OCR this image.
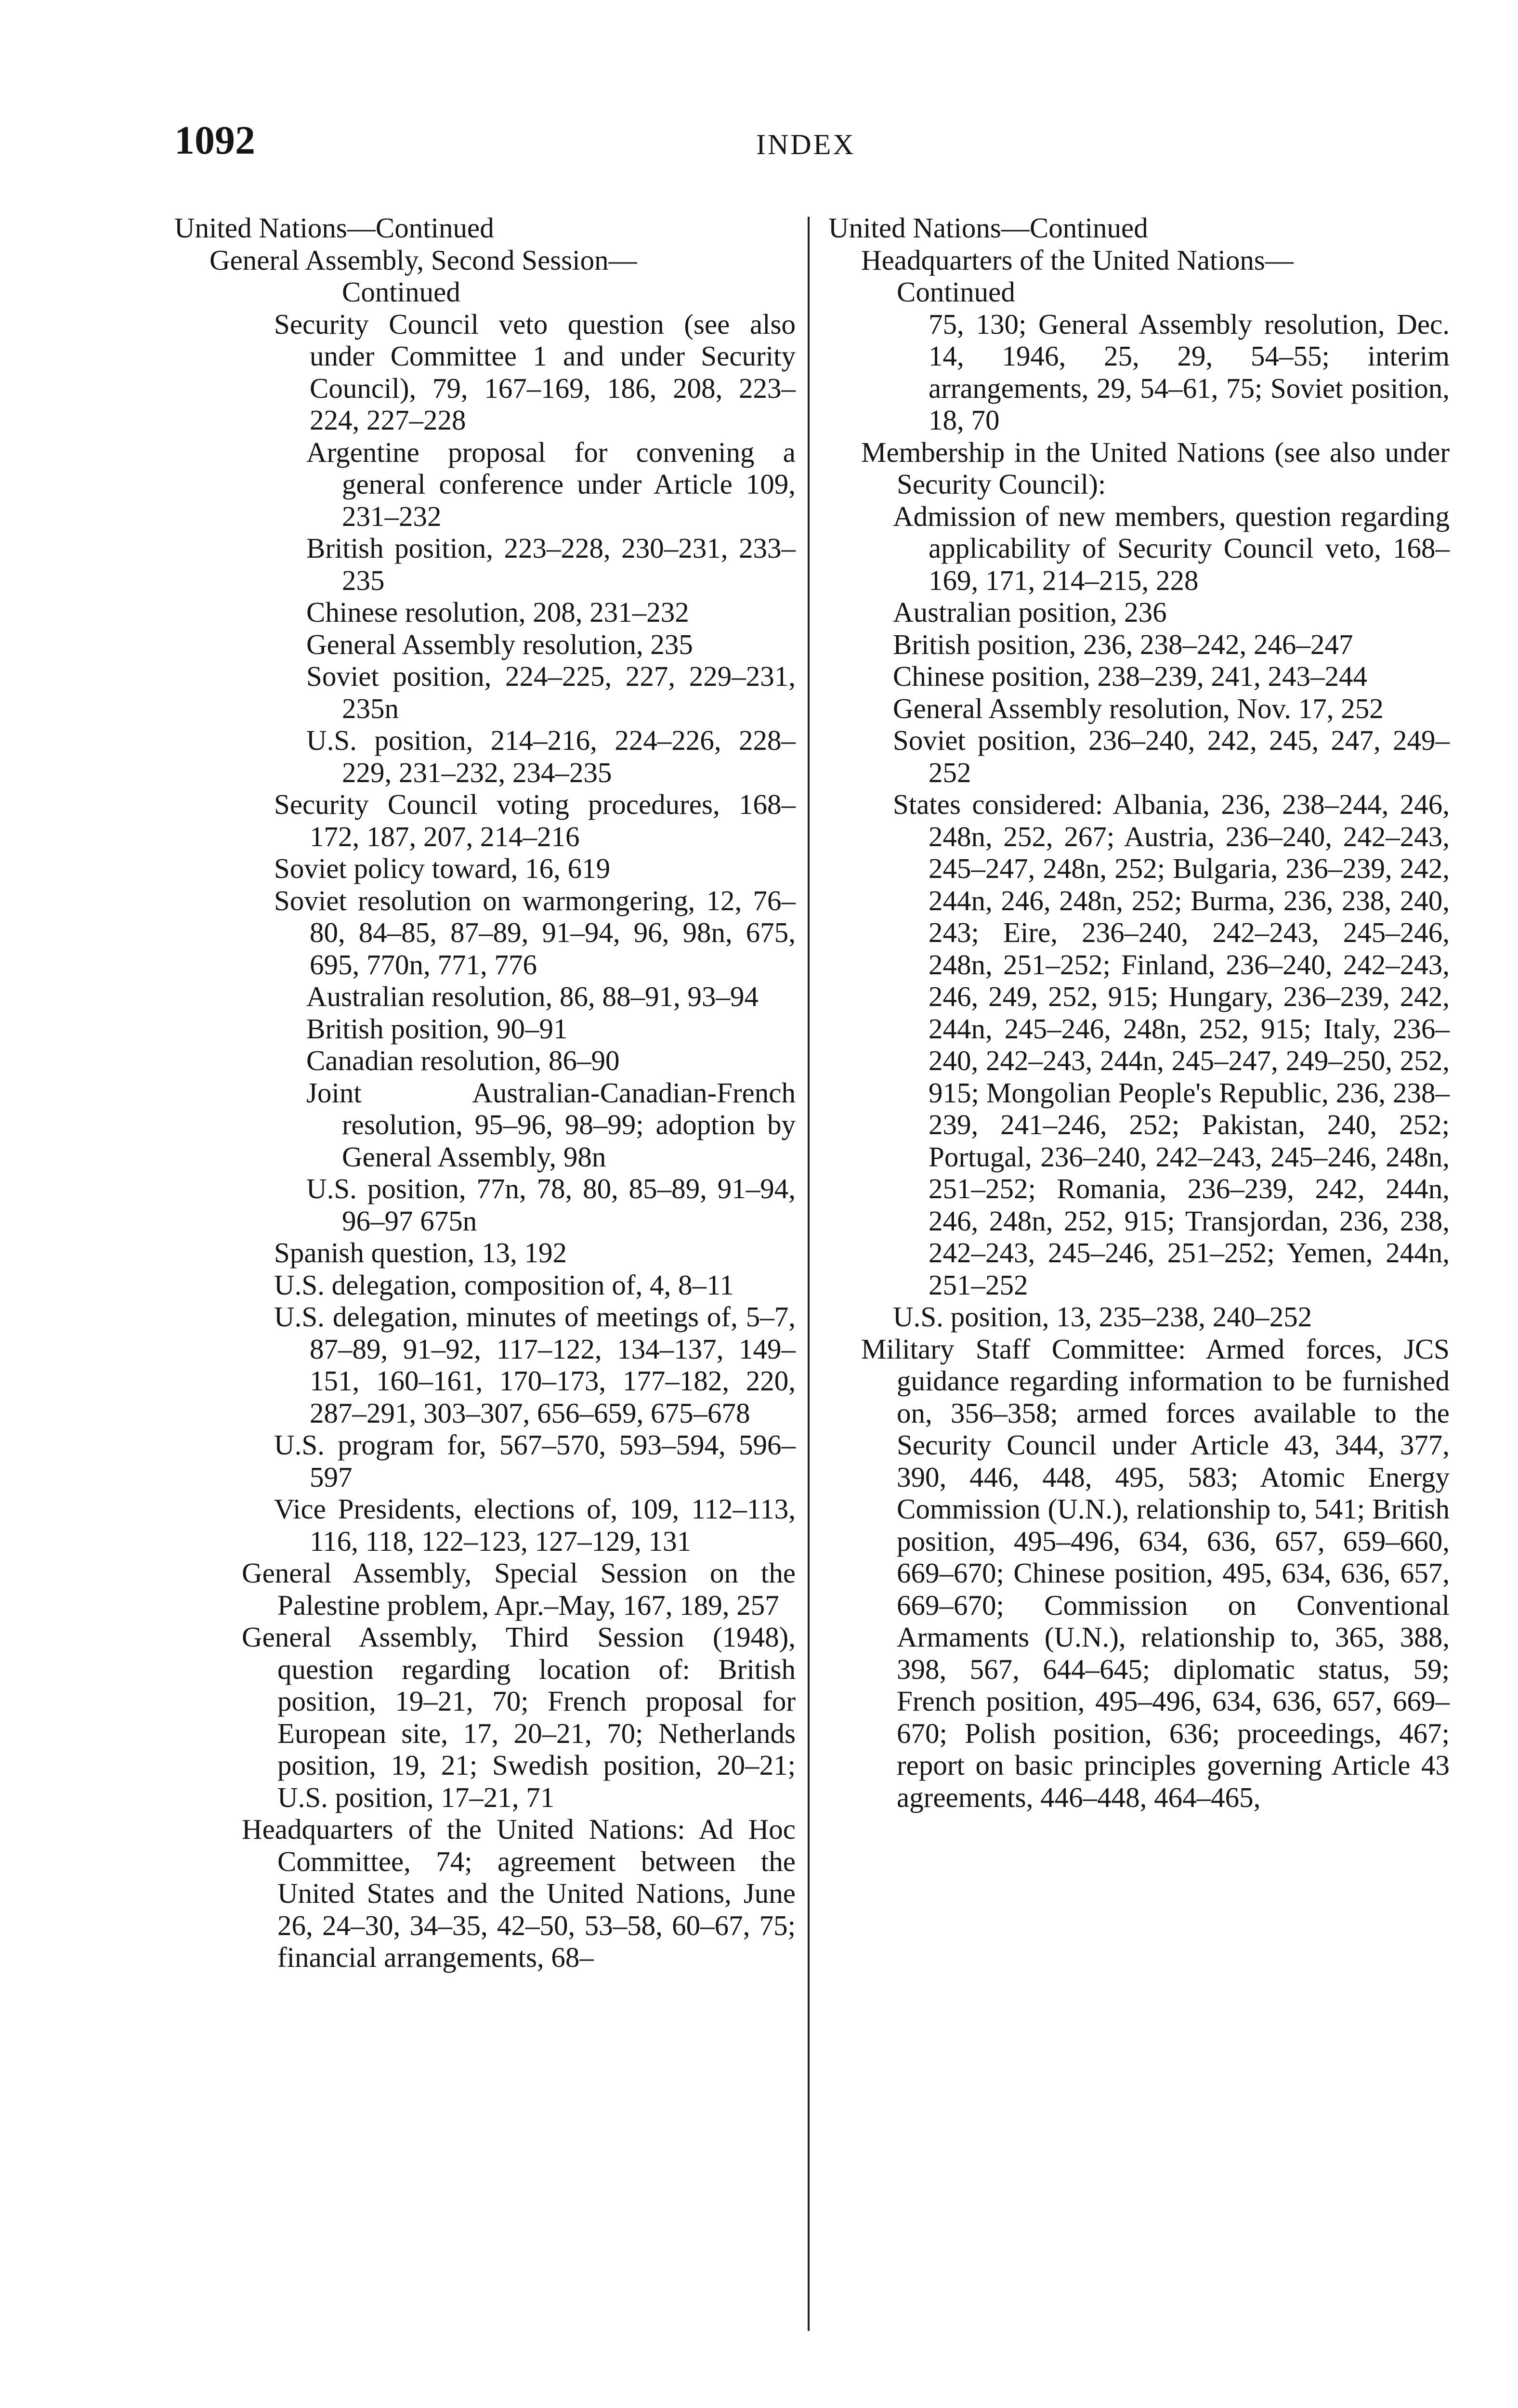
1092	INDEX

United Nations—Continued

General Assembly, Second Session—

Continued

Security Council veto question (see also under Committee 1 and under Security Council), 79, 167–169, 186, 208, 223–224, 227–228

Argentine proposal for convening a general conference under Article 109, 231–232

British position, 223–228, 230–231, 233–235

Chinese resolution, 208, 231–232

General Assembly resolution, 235

Soviet position, 224–225, 227, 229–231, 235n

U.S. position, 214–216, 224–226, 228–229, 231–232, 234–235

Security Council voting procedures, 168–172, 187, 207, 214–216

Soviet policy toward, 16, 619

Soviet resolution on warmongering, 12, 76–80, 84–85, 87–89, 91–94, 96, 98n, 675, 695, 770n, 771, 776

Australian resolution, 86, 88–91, 93–94

British position, 90–91

Canadian resolution, 86–90

Joint Australian-Canadian-French resolution, 95–96, 98–99; adoption by General Assembly, 98n

U.S. position, 77n, 78, 80, 85–89, 91–94, 96–97 675n

Spanish question, 13, 192

U.S. delegation, composition of, 4, 8–11

U.S. delegation, minutes of meetings of, 5–7, 87–89, 91–92, 117–122, 134–137, 149–151, 160–161, 170–173, 177–182, 220, 287–291, 303–307, 656–659, 675–678

U.S. program for, 567–570, 593–594, 596–597

Vice Presidents, elections of, 109, 112–113, 116, 118, 122–123, 127–129, 131

General Assembly, Special Session on the Palestine problem, Apr.–May, 167, 189, 257

General Assembly, Third Session (1948), question regarding location of: British position, 19–21, 70; French proposal for European site, 17, 20–21, 70; Netherlands position, 19, 21; Swedish position, 20–21; U.S. position, 17–21, 71

Headquarters of the United Nations: Ad Hoc Committee, 74; agreement between the United States and the United Nations, June 26, 24–30, 34–35, 42–50, 53–58, 60–67, 75; financial arrangements, 68–

United Nations—Continued

Headquarters of the United Nations—

Continued

75, 130; General Assembly resolution, Dec. 14, 1946, 25, 29, 54–55; interim arrangements, 29, 54–61, 75; Soviet position, 18, 70

Membership in the United Nations (see also under Security Council):

Admission of new members, question regarding applicability of Security Council veto, 168–169, 171, 214–215, 228

Australian position, 236

British position, 236, 238–242, 246–247

Chinese position, 238–239, 241, 243–244

General Assembly resolution, Nov. 17, 252

Soviet position, 236–240, 242, 245, 247, 249–252

States considered: Albania, 236, 238–244, 246, 248n, 252, 267; Austria, 236–240, 242–243, 245–247, 248n, 252; Bulgaria, 236–239, 242, 244n, 246, 248n, 252; Burma, 236, 238, 240, 243; Eire, 236–240, 242–243, 245–246, 248n, 251–252; Finland, 236–240, 242–243, 246, 249, 252, 915; Hungary, 236–239, 242, 244n, 245–246, 248n, 252, 915; Italy, 236–240, 242–243, 244n, 245–247, 249–250, 252, 915; Mongolian People's Republic, 236, 238–239, 241–246, 252; Pakistan, 240, 252; Portugal, 236–240, 242–243, 245–246, 248n, 251–252; Romania, 236–239, 242, 244n, 246, 248n, 252, 915; Transjordan, 236, 238, 242–243, 245–246, 251–252; Yemen, 244n, 251–252

U.S. position, 13, 235–238, 240–252

Military Staff Committee: Armed forces, JCS guidance regarding information to be furnished on, 356–358; armed forces available to the Security Council under Article 43, 344, 377, 390, 446, 448, 495, 583; Atomic Energy Commission (U.N.), relationship to, 541; British position, 495–496, 634, 636, 657, 659–660, 669–670; Chinese position, 495, 634, 636, 657, 669–670; Commission on Conventional Armaments (U.N.), relationship to, 365, 388, 398, 567, 644–645; diplomatic status, 59; French position, 495–496, 634, 636, 657, 669–670; Polish position, 636; proceedings, 467; report on basic principles governing Article 43 agreements, 446–448, 464–465,
